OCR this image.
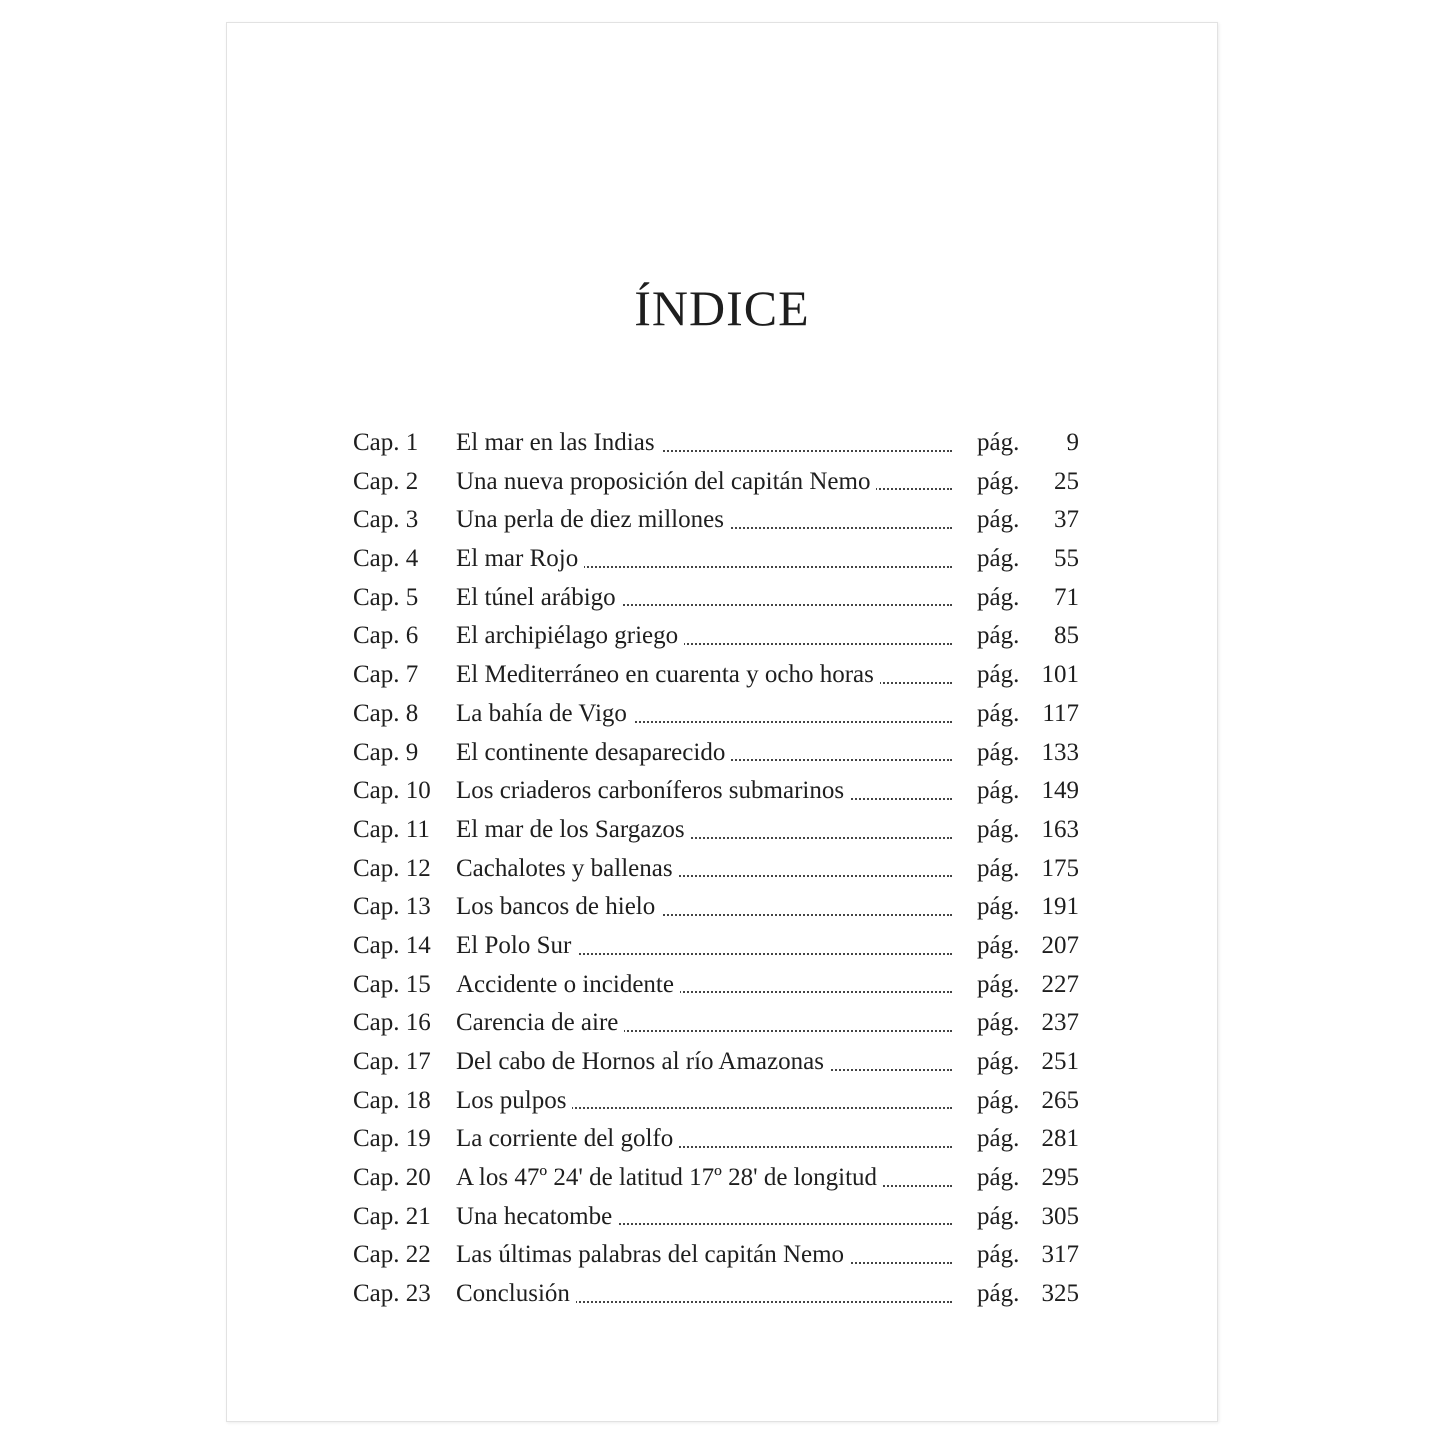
ÍNDICE
Cap. 1	El mar en las Indias	pág.	9
Cap. 2	Una nueva proposición del capitán Nemo	pág.	25
Cap. 3	Una perla de diez millones	pág.	37
Cap. 4	El mar Rojo	pág.	55
Cap. 5	El túnel arábigo	pág.	71
Cap. 6	El archipiélago griego	pág.	85
Cap. 7	El Mediterráneo en cuarenta y ocho horas	pág. 101
Cap. 8	La bahía de Vigo	pág. 117
Cap. 9	El continente desaparecido	pág. 133
Cap. 10	Los criaderos carboníferos submarinos	pág. 149
Cap. 11	El mar de los Sargazos	pág. 163
Cap. 12	Cachalotes y ballenas	pág. 175
Cap. 13	Los bancos de hielo	pág. 191
Cap. 14	El Polo Sur	pág. 207
Cap. 15	Accidente o incidente	pág. 227
Cap. 16	Carencia de aire	pág. 237
Cap. 17	Del cabo de Hornos al río Amazonas	pág. 251
Cap. 18	Los pulpos	pág. 265
Cap. 19	La corriente del golfo	pág. 281
Cap. 20	A los 47º 24' de latitud 17º 28' de longitud	pág. 295
Cap. 21	Una hecatombe	pág. 305
Cap. 22	Las últimas palabras del capitán Nemo	pág. 317
Cap. 23	Conclusión	pág. 325
